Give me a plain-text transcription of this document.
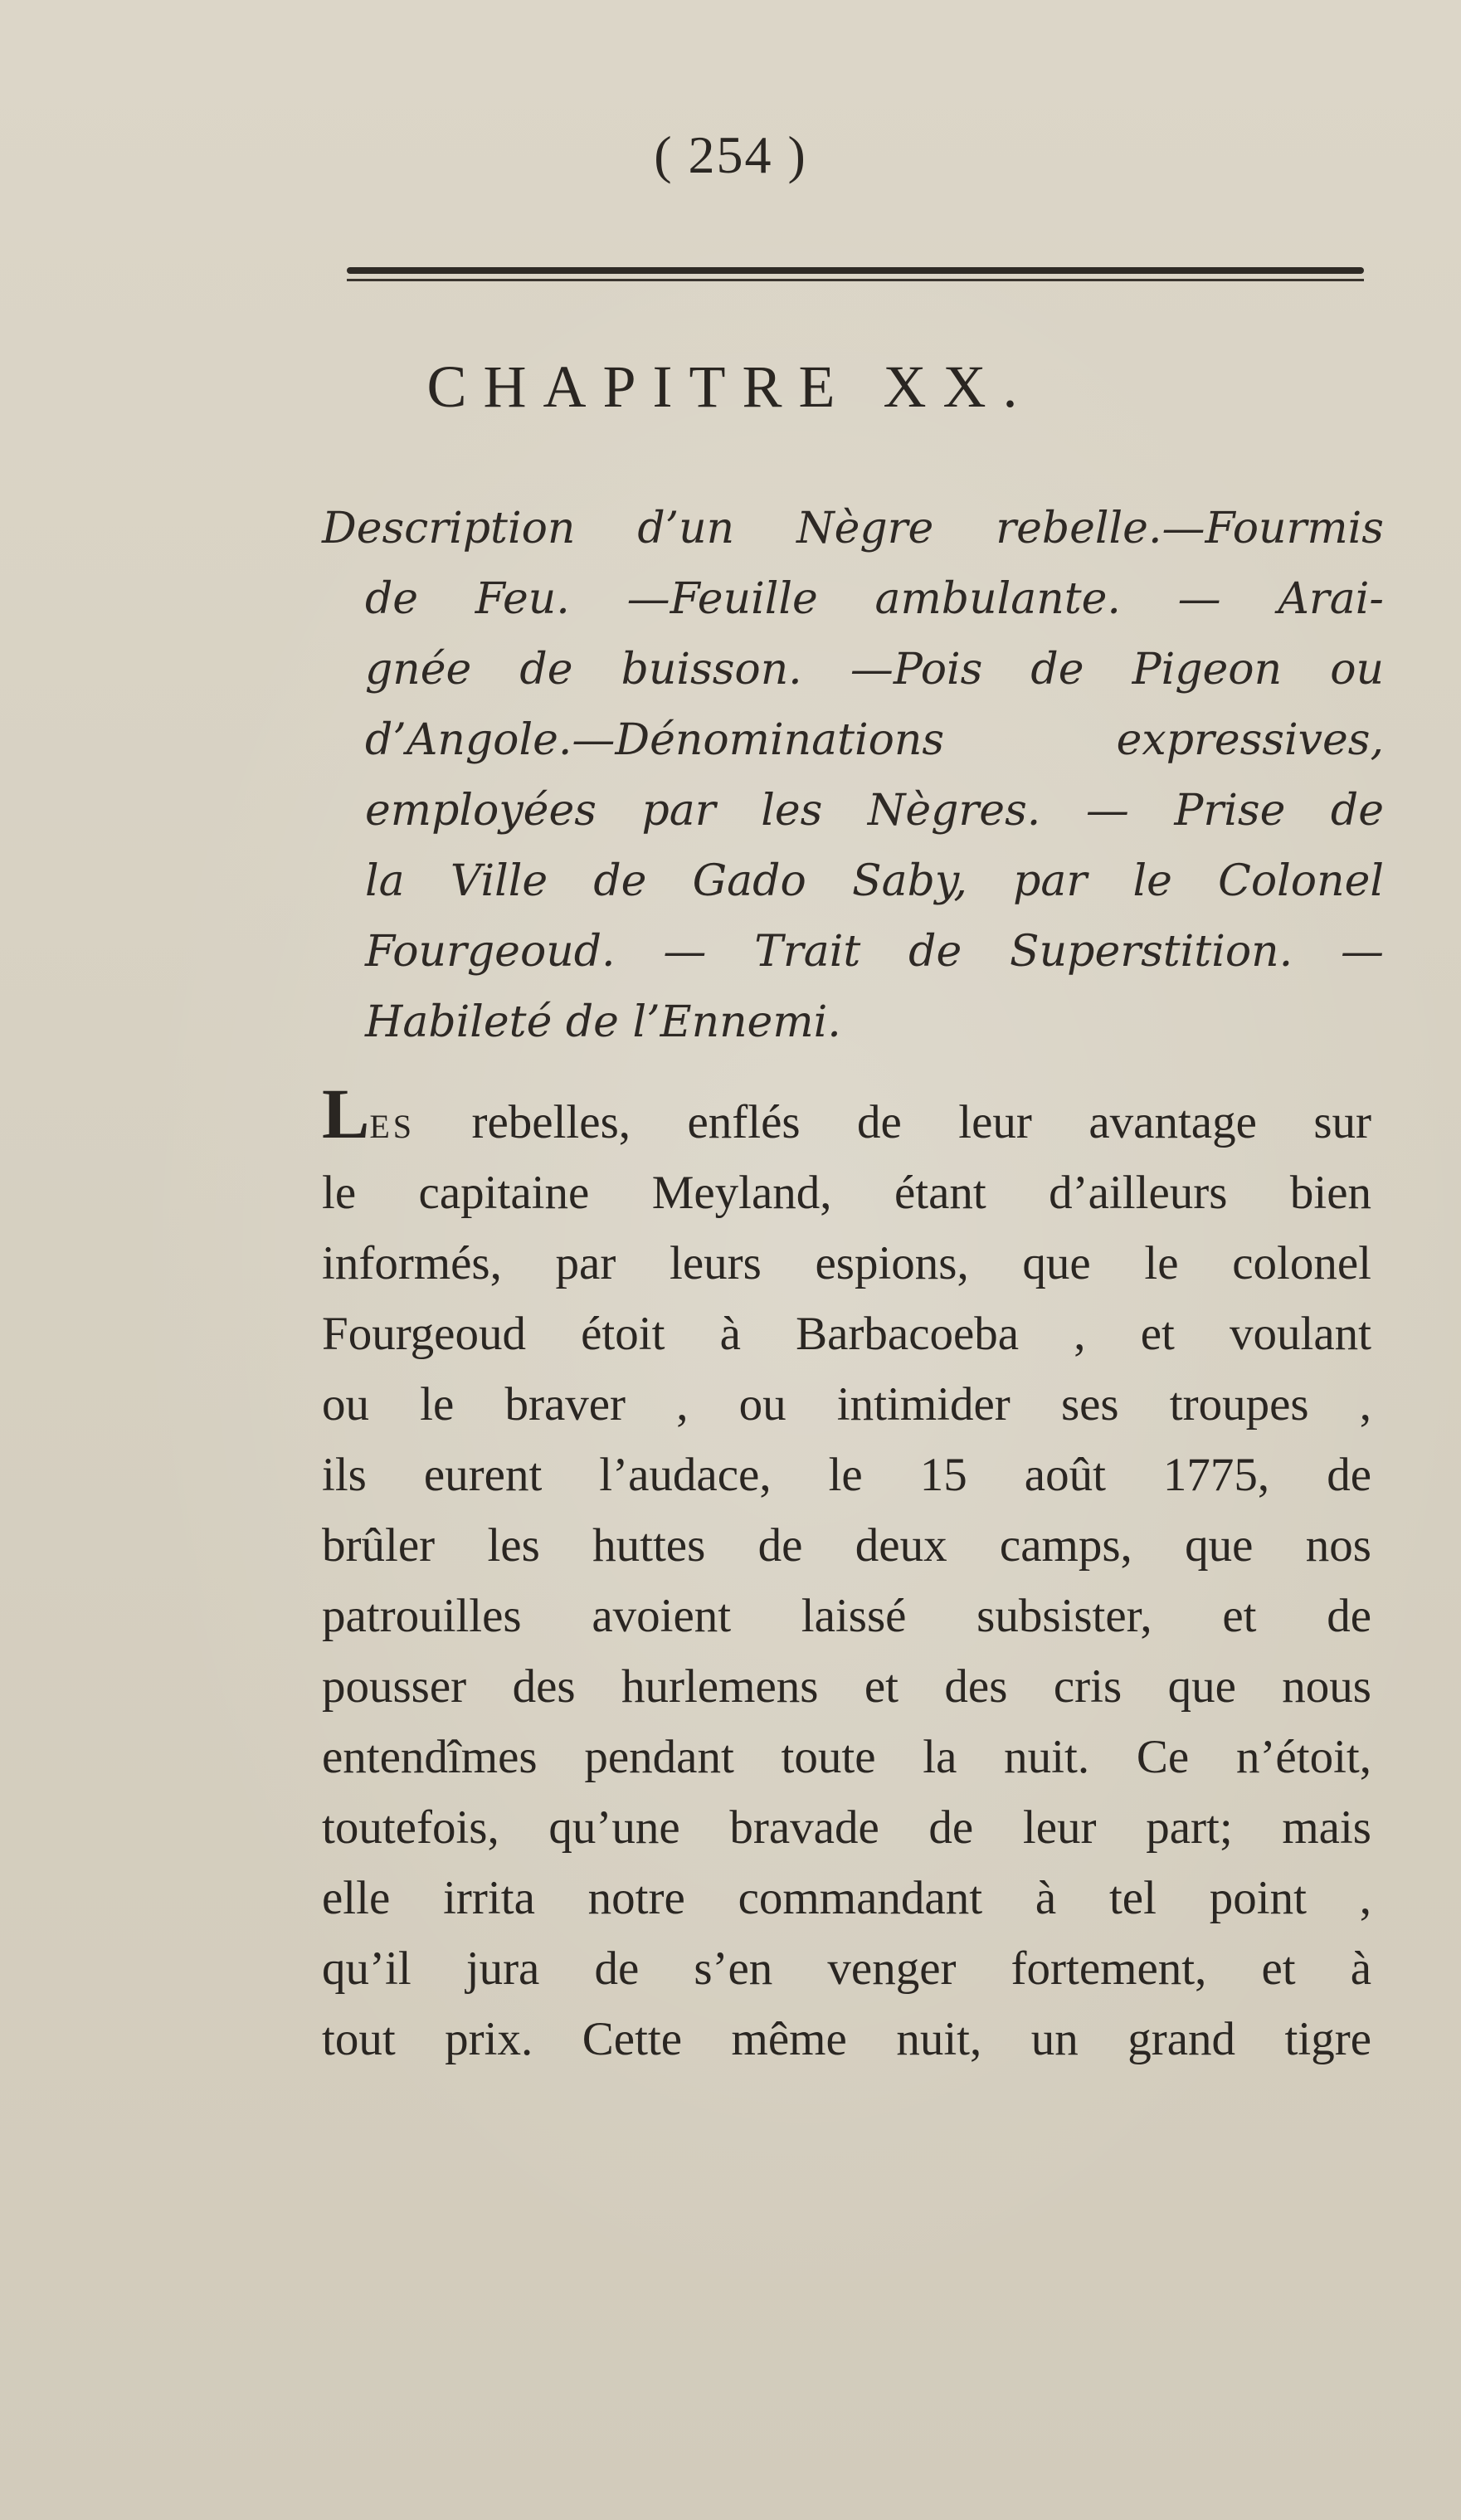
( 254 )
CHAPITRE XX.
Description d’un Nègre rebelle.—Fourmis
de Feu. —Feuille ambulante. — Arai-
gnée de buisson. —Pois de Pigeon ou
d’Angole.—Dénominations expressives,
employées par les Nègres. — Prise de
la Ville de Gado Saby, par le Colonel
Fourgeoud. — Trait de Superstition. —
Habileté de l’Ennemi.
LES rebelles, enflés de leur avantage sur
le capitaine Meyland, étant d’ailleurs bien
informés, par leurs espions, que le colonel
Fourgeoud étoit à Barbacoeba , et voulant
ou le braver , ou intimider ses troupes ,
ils eurent l’audace, le 15 août 1775, de
brûler les huttes de deux camps, que nos
patrouilles avoient laissé subsister, et de
pousser des hurlemens et des cris que nous
entendîmes pendant toute la nuit. Ce n’étoit,
toutefois, qu’une bravade de leur part; mais
elle irrita notre commandant à tel point ,
qu’il jura de s’en venger fortement, et à
tout prix. Cette même nuit, un grand tigre
